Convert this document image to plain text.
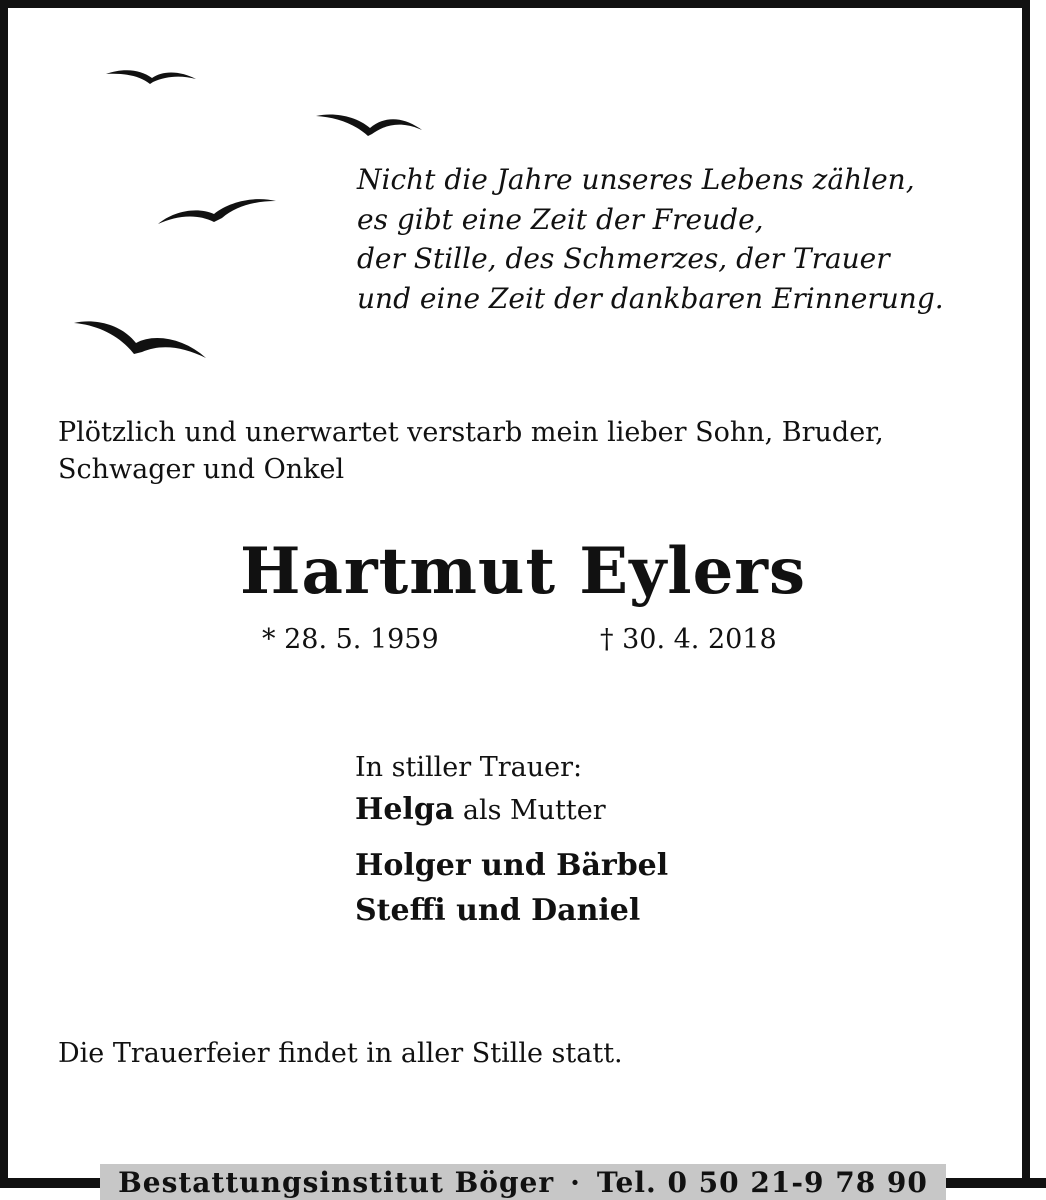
Nicht die Jahre unseres Lebens zählen,
es gibt eine Zeit der Freude,
der Stille, des Schmerzes, der Trauer
und eine Zeit der dankbaren Erinnerung.
Plötzlich und unerwartet verstarb mein lieber Sohn, Bruder,
Schwager und Onkel
Hartmut Eylers
* 28. 5. 1959	† 30. 4. 2018
In stiller Trauer:
Helga als Mutter
Holger und Bärbel
Steffi und Daniel
Die Trauerfeier findet in aller Stille statt.
Bestattungsinstitut Böger · Tel. 0 50 21-9 78 90
